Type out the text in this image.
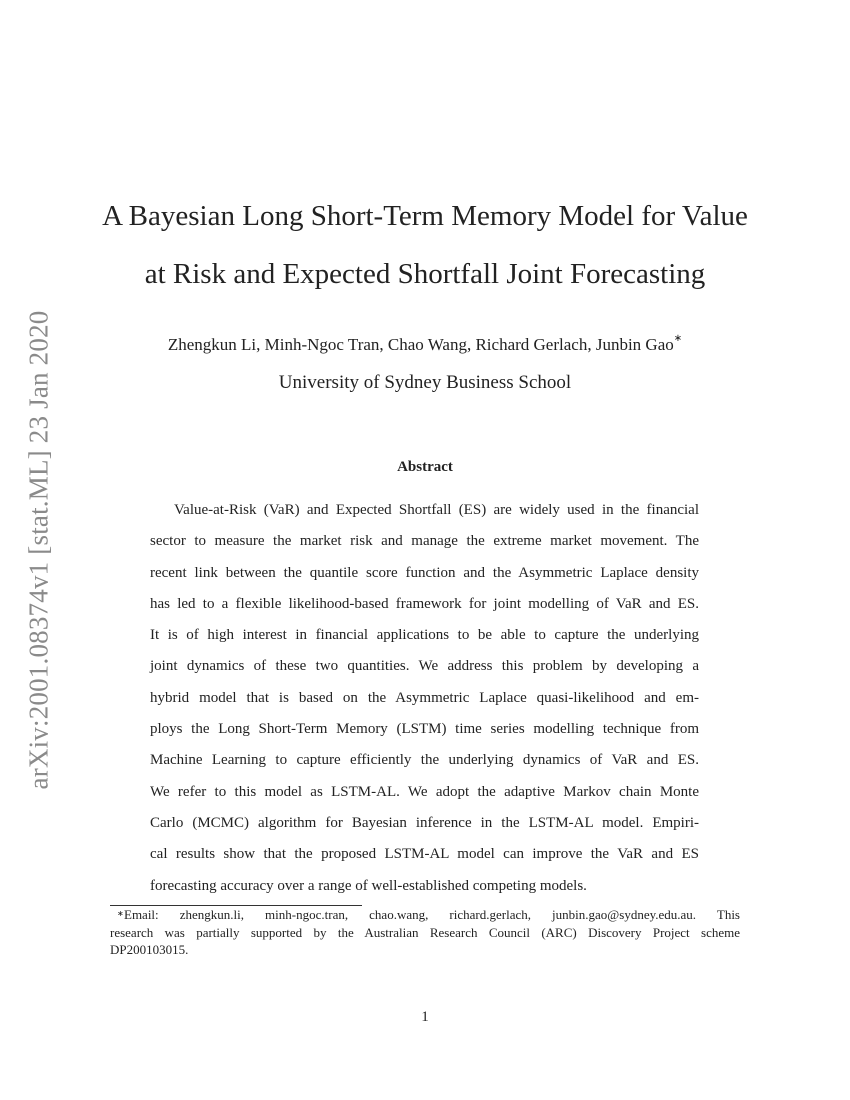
arXiv:2001.08374v1 [stat.ML] 23 Jan 2020
A Bayesian Long Short-Term Memory Model for Value
at Risk and Expected Shortfall Joint Forecasting
Zhengkun Li, Minh-Ngoc Tran, Chao Wang, Richard Gerlach, Junbin Gao∗
University of Sydney Business School
Abstract
Value-at-Risk (VaR) and Expected Shortfall (ES) are widely used in the financial
sector to measure the market risk and manage the extreme market movement. The
recent link between the quantile score function and the Asymmetric Laplace density
has led to a flexible likelihood-based framework for joint modelling of VaR and ES.
It is of high interest in financial applications to be able to capture the underlying
joint dynamics of these two quantities. We address this problem by developing a
hybrid model that is based on the Asymmetric Laplace quasi-likelihood and em-
ploys the Long Short-Term Memory (LSTM) time series modelling technique from
Machine Learning to capture efficiently the underlying dynamics of VaR and ES.
We refer to this model as LSTM-AL. We adopt the adaptive Markov chain Monte
Carlo (MCMC) algorithm for Bayesian inference in the LSTM-AL model. Empiri-
cal results show that the proposed LSTM-AL model can improve the VaR and ES
forecasting accuracy over a range of well-established competing models.
∗ Email: zhengkun.li, minh-ngoc.tran, chao.wang, richard.gerlach, junbin.gao@sydney.edu.au. This
research was partially supported by the Australian Research Council (ARC) Discovery Project scheme
DP200103015.
1
